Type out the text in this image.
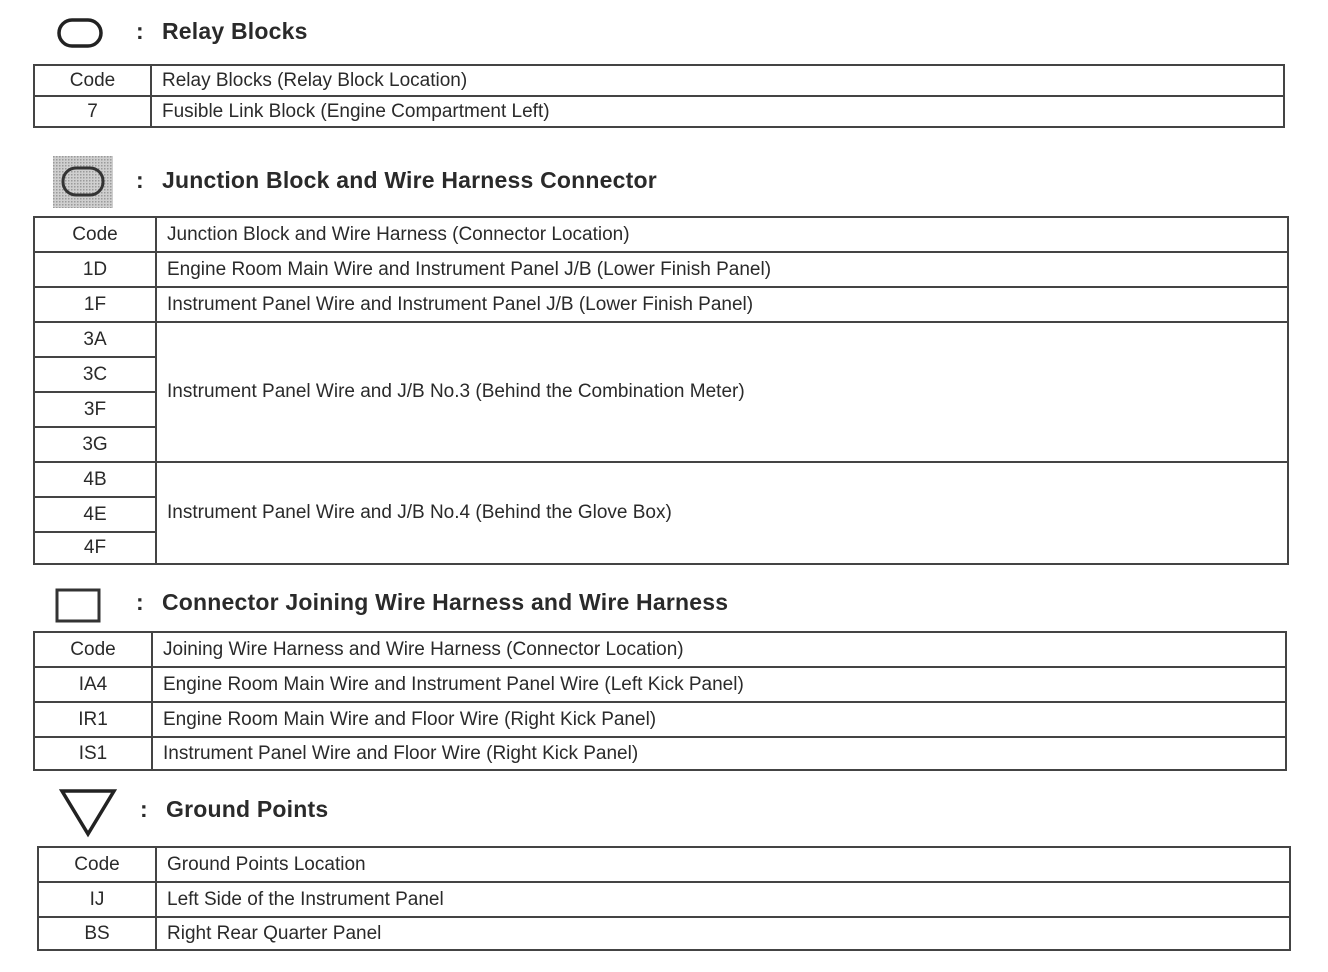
: Relay Blocks
Code	Relay Blocks (Relay Block Location)
7	Fusible Link Block (Engine Compartment Left)
: Junction Block and Wire Harness Connector
Code	Junction Block and Wire Harness (Connector Location)
1D	Engine Room Main Wire and Instrument Panel J/B (Lower Finish Panel)
1F	Instrument Panel Wire and Instrument Panel J/B (Lower Finish Panel)
3A	Instrument Panel Wire and J/B No.3 (Behind the Combination Meter)
3C	
3F	
3G	
4B	Instrument Panel Wire and J/B No.4 (Behind the Glove Box)
4E	
4F	
: Connector Joining Wire Harness and Wire Harness
Code	Joining Wire Harness and Wire Harness (Connector Location)
IA4	Engine Room Main Wire and Instrument Panel Wire (Left Kick Panel)
IR1	Engine Room Main Wire and Floor Wire (Right Kick Panel)
IS1	Instrument Panel Wire and Floor Wire (Right Kick Panel)
: Ground Points
Code	Ground Points Location
IJ	Left Side of the Instrument Panel
BS	Right Rear Quarter Panel
